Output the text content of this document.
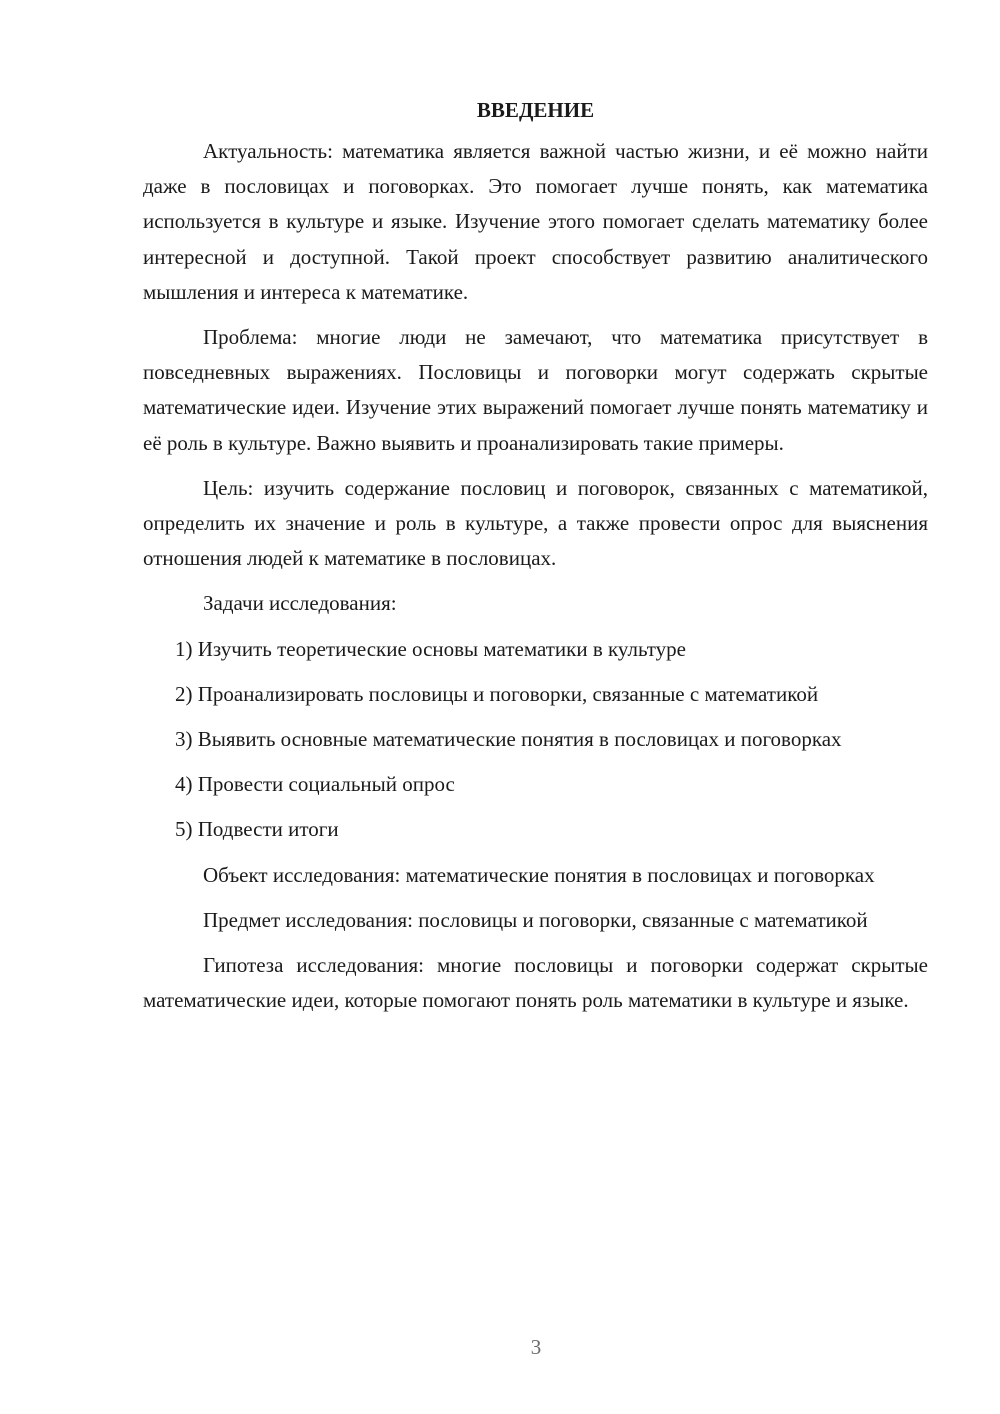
ВВЕДЕНИЕ

Актуальность: математика является важной частью жизни, и её можно найти даже в пословицах и поговорках. Это помогает лучше понять, как математика используется в культуре и языке. Изучение этого помогает сделать математику более интересной и доступной. Такой проект способствует развитию аналитического мышления и интереса к математике.

Проблема: многие люди не замечают, что математика присутствует в повседневных выражениях. Пословицы и поговорки могут содержать скрытые математические идеи. Изучение этих выражений помогает лучше понять математику и её роль в культуре. Важно выявить и проанализировать такие примеры.

Цель: изучить содержание пословиц и поговорок, связанных с математикой, определить их значение и роль в культуре, а также провести опрос для выяснения отношения людей к математике в пословицах.

Задачи исследования:

1) Изучить теоретические основы математики в культуре

2) Проанализировать пословицы и поговорки, связанные с математикой

3) Выявить основные математические понятия в пословицах и поговорках

4) Провести социальный опрос

5) Подвести итоги

Объект исследования: математические понятия в пословицах и поговорках

Предмет исследования: пословицы и поговорки, связанные с математикой

Гипотеза исследования: многие пословицы и поговорки содержат скрытые математические идеи, которые помогают понять роль математики в культуре и языке.

3
